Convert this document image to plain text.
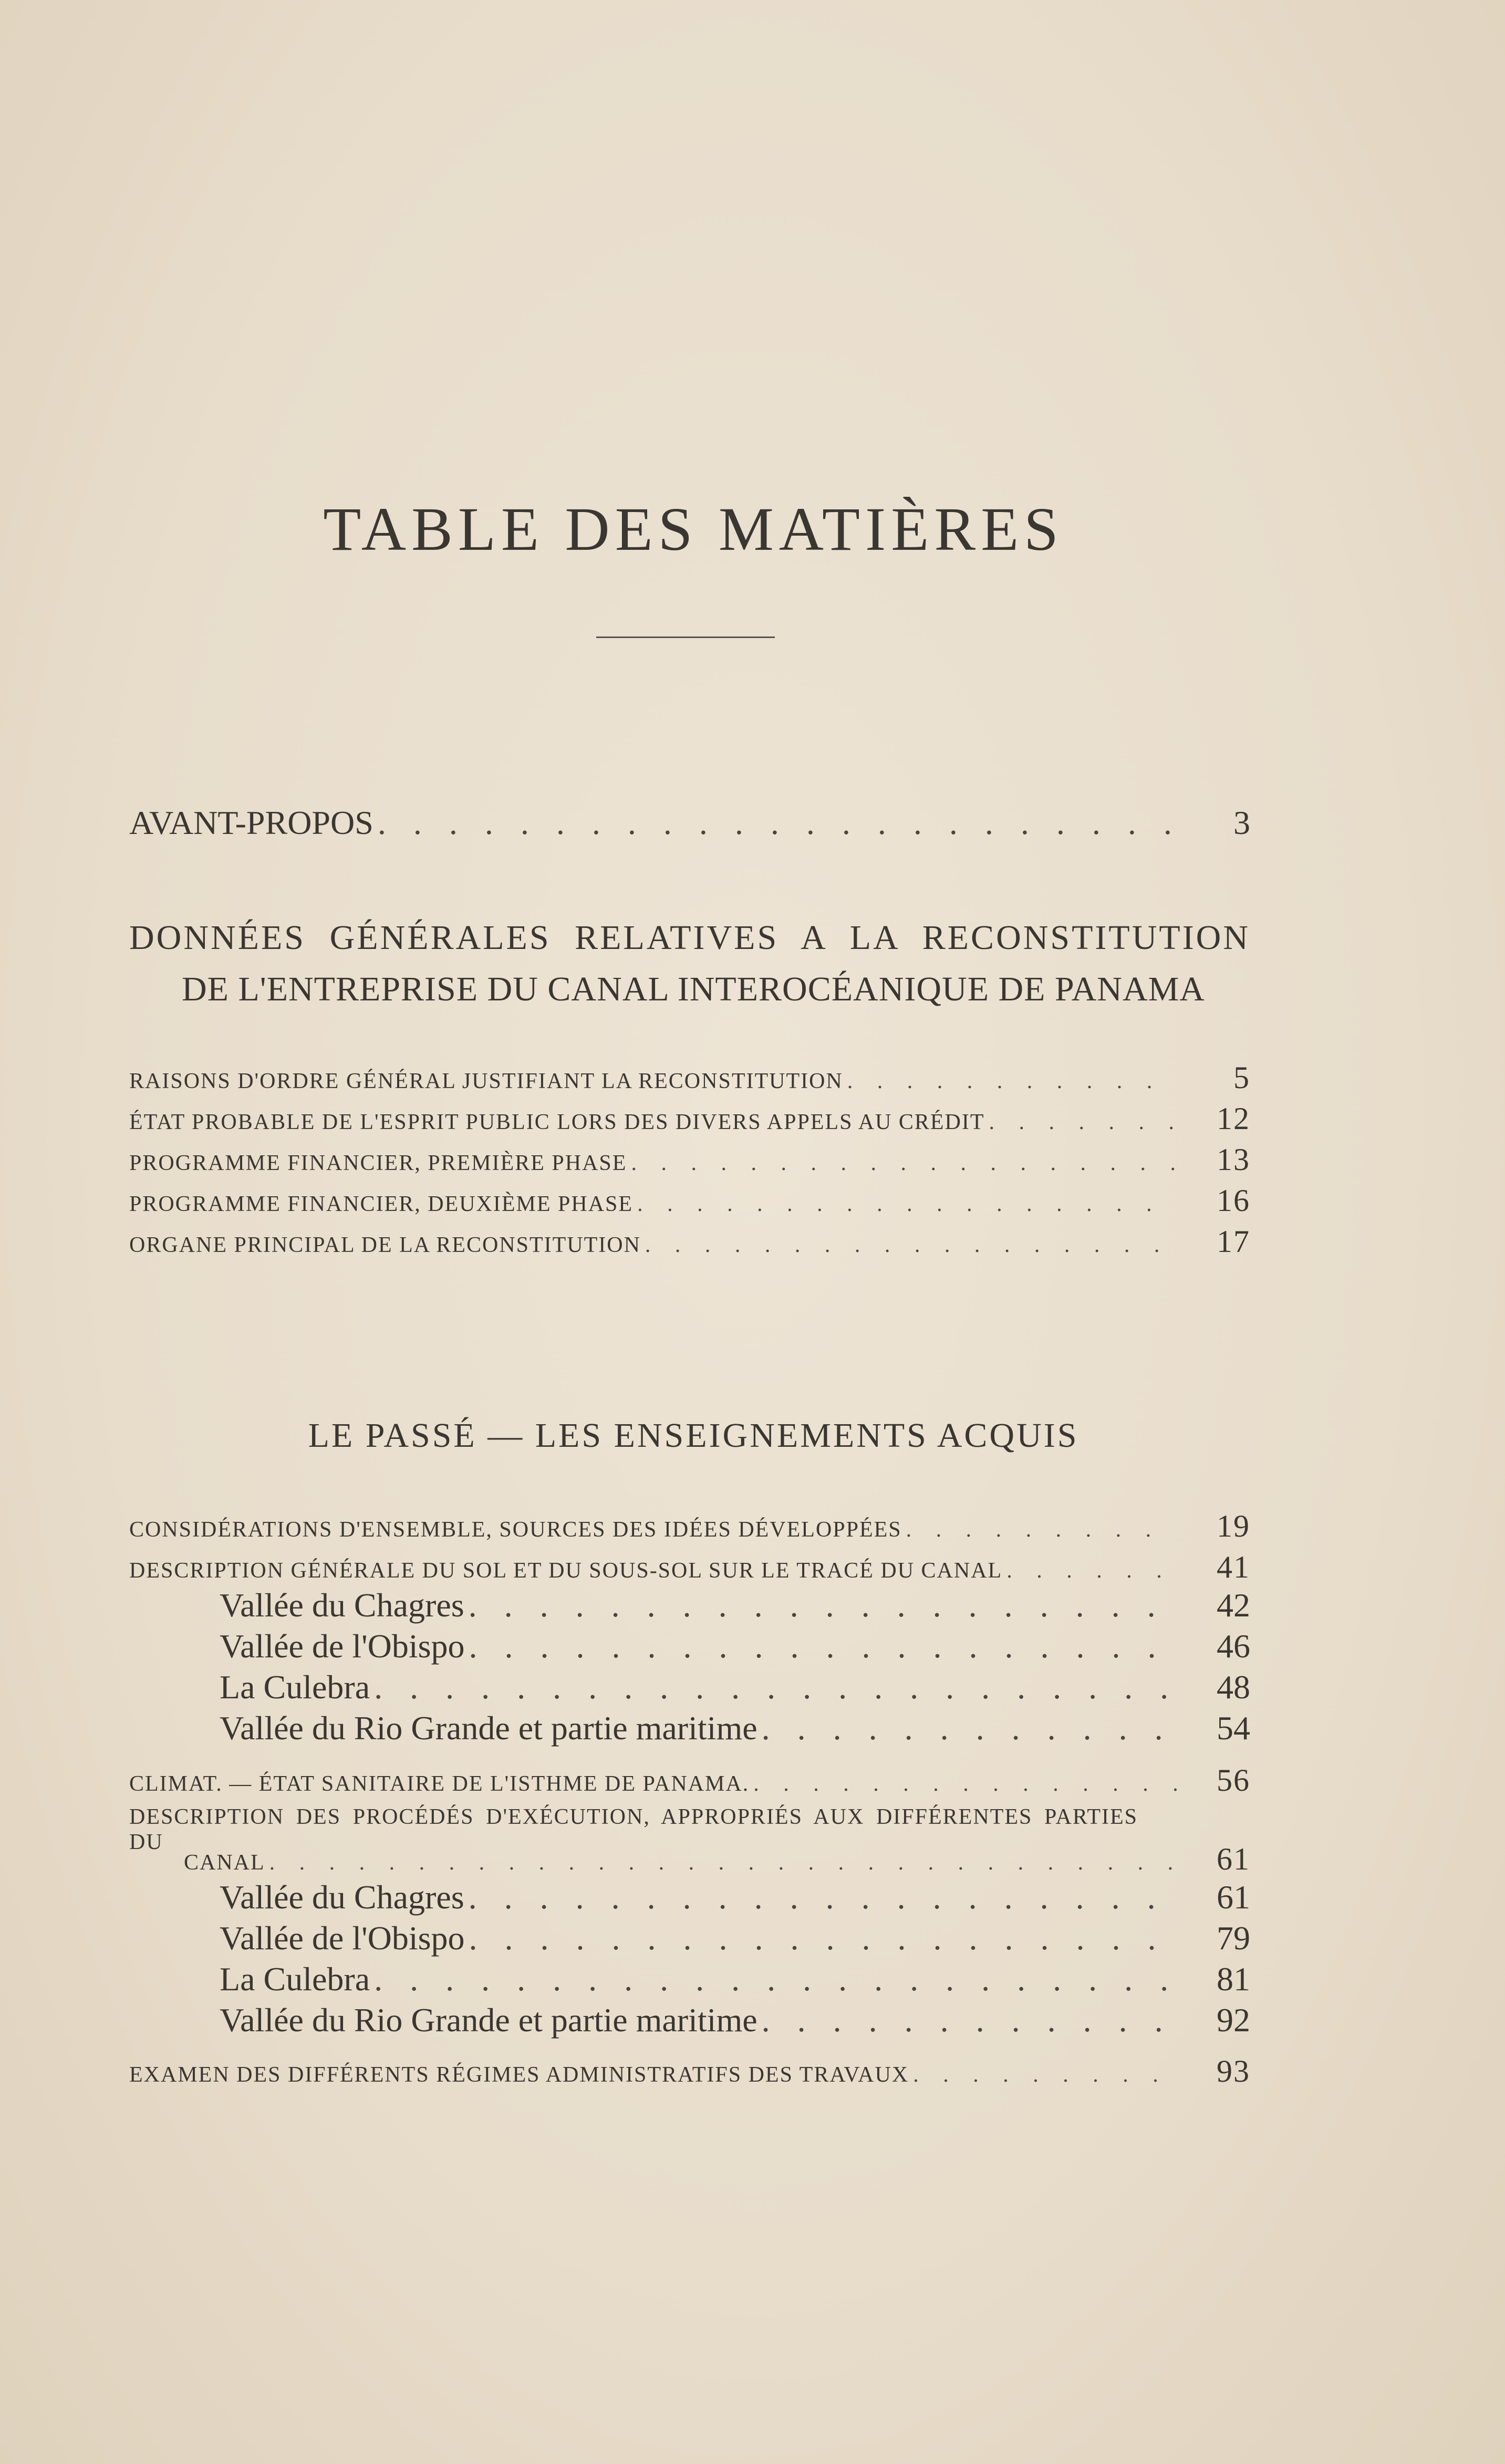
TABLE DES MATIÈRES
AVANT-PROPOS . . .	3
DONNÉES GÉNÉRALES RELATIVES A LA RECONSTITUTION
DE L'ENTREPRISE DU CANAL INTEROCÉANIQUE DE PANAMA
RAISONS D'ORDRE GÉNÉRAL JUSTIFIANT LA RECONSTITUTION . . .	5
ÉTAT PROBABLE DE L'ESPRIT PUBLIC LORS DES DIVERS APPELS AU CRÉDIT . . .	12
PROGRAMME FINANCIER, PREMIÈRE PHASE . . .	13
PROGRAMME FINANCIER, DEUXIÈME PHASE . . .	16
ORGANE PRINCIPAL DE LA RECONSTITUTION . . .	17
LE PASSÉ — LES ENSEIGNEMENTS ACQUIS
CONSIDÉRATIONS D'ENSEMBLE, SOURCES DES IDÉES DÉVELOPPÉES . . .	19
DESCRIPTION GÉNÉRALE DU SOL ET DU SOUS-SOL SUR LE TRACÉ DU CANAL . . .	41
Vallée du Chagres . . .	42
Vallée de l'Obispo . . .	46
La Culebra . . .	48
Vallée du Rio Grande et partie maritime . . .	54
CLIMAT. — ÉTAT SANITAIRE DE L'ISTHME DE PANAMA. . . .	56
DESCRIPTION DES PROCÉDÉS D'EXÉCUTION, APPROPRIÉS AUX DIFFÉRENTES PARTIES DU
CANAL . . .	61
Vallée du Chagres . . .	61
Vallée de l'Obispo . . .	79
La Culebra . . .	81
Vallée du Rio Grande et partie maritime . . .	92
EXAMEN DES DIFFÉRENTS RÉGIMES ADMINISTRATIFS DES TRAVAUX . . .	93
